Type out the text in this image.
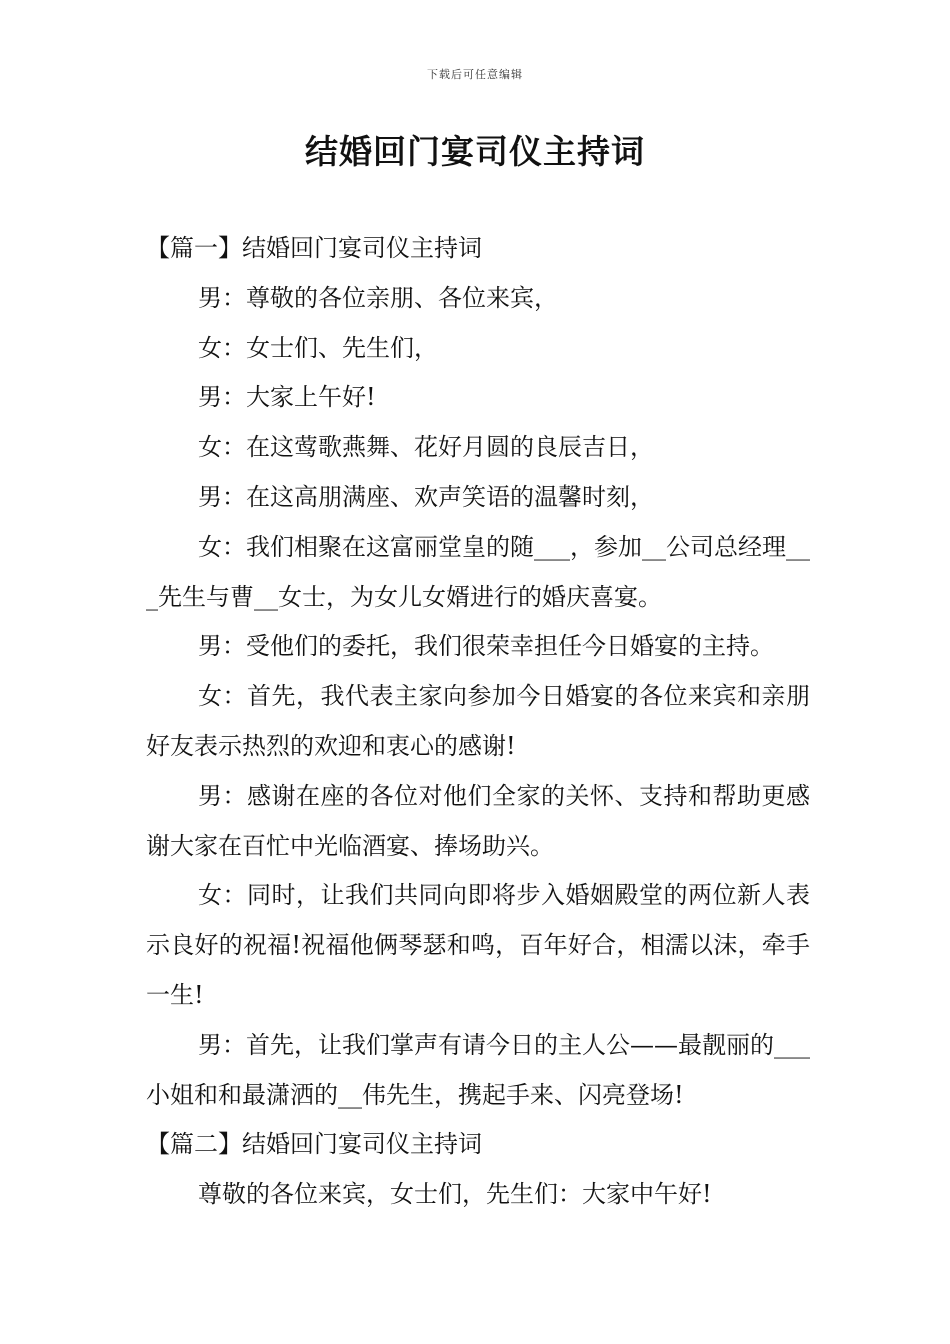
下载后可任意编辑
结婚回门宴司仪主持词

【篇一】结婚回门宴司仪主持词

男：尊敬的各位亲朋、各位来宾，

女：女士们、先生们，

男：大家上午好!

女：在这莺歌燕舞、花好月圆的良辰吉日，

男：在这高朋满座、欢声笑语的温馨时刻，

女：我们相聚在这富丽堂皇的随___，参加__公司总经理___先生与曹__女士，为女儿女婿进行的婚庆喜宴。

男：受他们的委托，我们很荣幸担任今日婚宴的主持。

女：首先，我代表主家向参加今日婚宴的各位来宾和亲朋好友表示热烈的欢迎和衷心的感谢!

男：感谢在座的各位对他们全家的关怀、支持和帮助更感谢大家在百忙中光临酒宴、捧场助兴。

女：同时，让我们共同向即将步入婚姻殿堂的两位新人表示良好的祝福!祝福他俩琴瑟和鸣，百年好合，相濡以沫，牵手一生!

男：首先，让我们掌声有请今日的主人公——最靓丽的___小姐和和最潇洒的__伟先生，携起手来、闪亮登场!

【篇二】结婚回门宴司仪主持词

尊敬的各位来宾，女士们，先生们：大家中午好!
